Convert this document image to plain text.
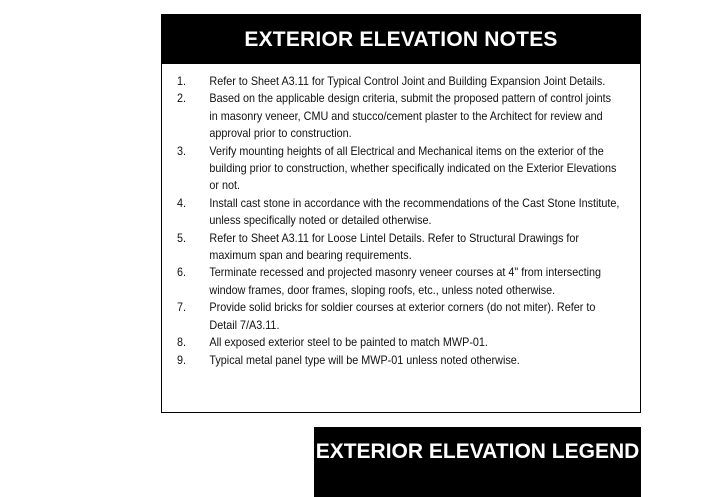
EXTERIOR ELEVATION NOTES
1.	Refer to Sheet A3.11 for Typical Control Joint and Building Expansion Joint Details.
2.	Based on the applicable design criteria, submit the proposed pattern of control joints in masonry veneer, CMU and stucco/cement plaster to the Architect for review and approval prior to construction.
3.	Verify mounting heights of all Electrical and Mechanical items on the exterior of the building prior to construction, whether specifically indicated on the Exterior Elevations or not.
4.	Install cast stone in accordance with the recommendations of the Cast Stone Institute, unless specifically noted or detailed otherwise.
5.	Refer to Sheet A3.11 for Loose Lintel Details. Refer to Structural Drawings for maximum span and bearing requirements.
6.	Terminate recessed and projected masonry veneer courses at 4" from intersecting window frames, door frames, sloping roofs, etc., unless noted otherwise.
7.	Provide solid bricks for soldier courses at exterior corners (do not miter). Refer to Detail 7/A3.11.
8.	All exposed exterior steel to be painted to match MWP-01.
9.	Typical metal panel type will be MWP-01 unless noted otherwise.
EXTERIOR ELEVATION LEGEND
